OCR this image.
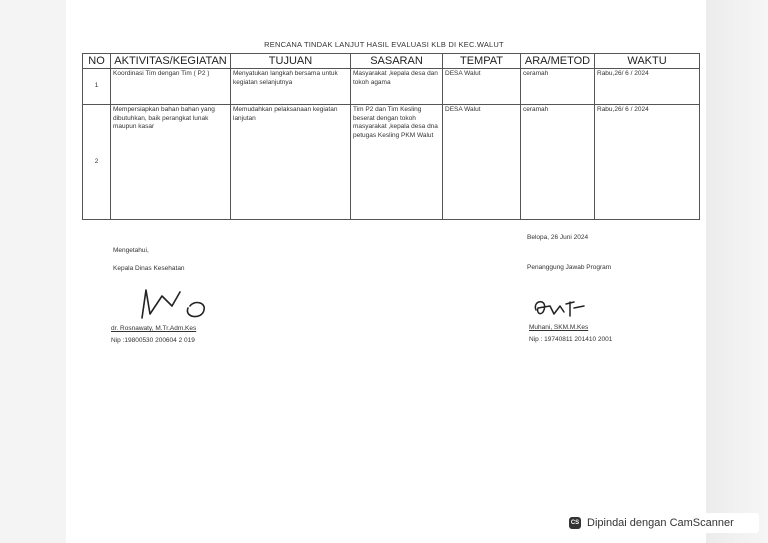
RENCANA TINDAK LANJUT HASIL EVALUASI KLB DI KEC.WALUT
NO	AKTIVITAS/KEGIATAN	TUJUAN	SASARAN	TEMPAT	ARA/METOD	WAKTU
1	Koordinasi Tim dengan Tim ( P2 )	Menyatukan langkah bersama untuk kegiatan selanjutnya	Masyarakat ,kepala desa dan tokoh agama	DESA Walut	ceramah	Rabu,26/ 6 / 2024
2	Mempersiapkan bahan bahan yang dibutuhkan, baik perangkat lunak maupun kasar	Memudahkan pelaksanaan kegiatan lanjutan	Tim P2 dan Tim Kesling beserat dengan tokoh masyarakat ,kepala desa dna petugas Kesling PKM Walut	DESA Walut	ceramah	Rabu,26/ 6 / 2024
Mengetahui,
Kepala Dinas Kesehatan
dr. Rosnawaty, M.Tr.Adm.Kes
Nip :19800530 200604 2 019
Belopa, 26 Juni 2024
Penanggung Jawab Program
Muhani, SKM.M.Kes
Nip : 19740811 201410 2001
CS Dipindai dengan CamScanner
